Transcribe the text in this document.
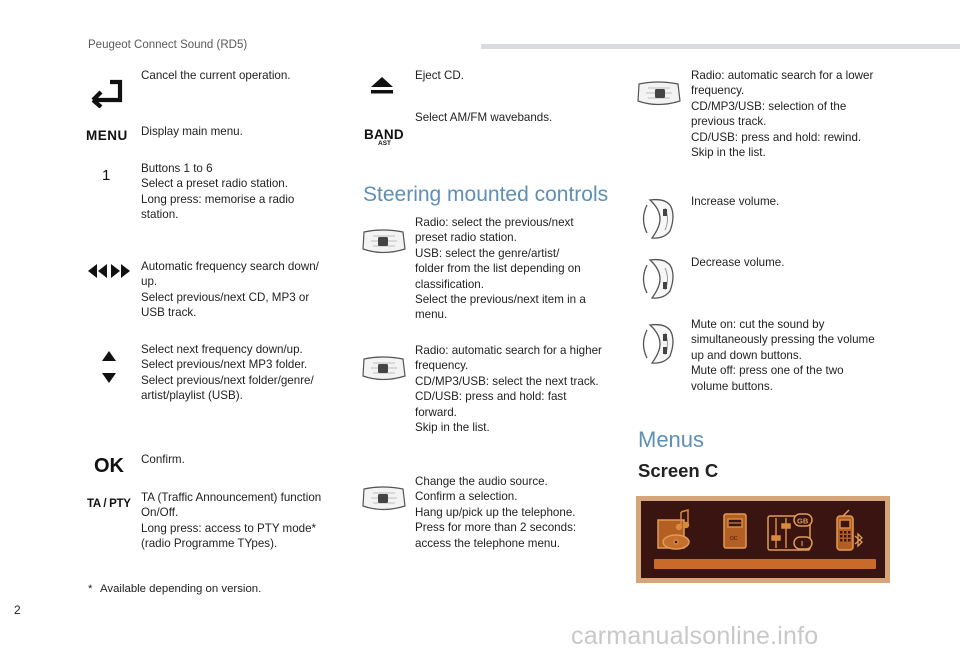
Peugeot Connect Sound (RD5)
Cancel the current operation.
MENU Display main menu.
1	Buttons 1 to 6
Select a preset radio station.
Long press: memorise a radio
station.
Automatic frequency search down/
up.
Select previous/next CD, MP3 or
USB track.
Select next frequency down/up.
Select previous/next MP3 folder.
Select previous/next folder/genre/
artist/playlist (USB).
OK Confirm.
TA / PTY TA (Traffic Announcement) function
On/Off.
Long press: access to PTY mode*
(radio Programme TYpes).
* Available depending on version.
Eject CD.
BAND
AST
Select AM/FM wavebands.
Steering mounted controls
Radio: select the previous/next
preset radio station.
USB: select the genre/artist/
folder from the list depending on
classification.
Select the previous/next item in a
menu.
Radio: automatic search for a higher
frequency.
CD/MP3/USB: select the next track.
CD/USB: press and hold: fast
forward.
Skip in the list.
Change the audio source.
Confirm a selection.
Hang up/pick up the telephone.
Press for more than 2 seconds:
access the telephone menu.
Radio: automatic search for a lower
frequency.
CD/MP3/USB: selection of the
previous track.
CD/USB: press and hold: rewind.
Skip in the list.
Increase volume.
Decrease volume.
Mute on: cut the sound by
simultaneously pressing the volume
up and down buttons.
Mute off: press one of the two
volume buttons.
Menus
Screen C
OC
GB
I
2
carmanualsonline.info
